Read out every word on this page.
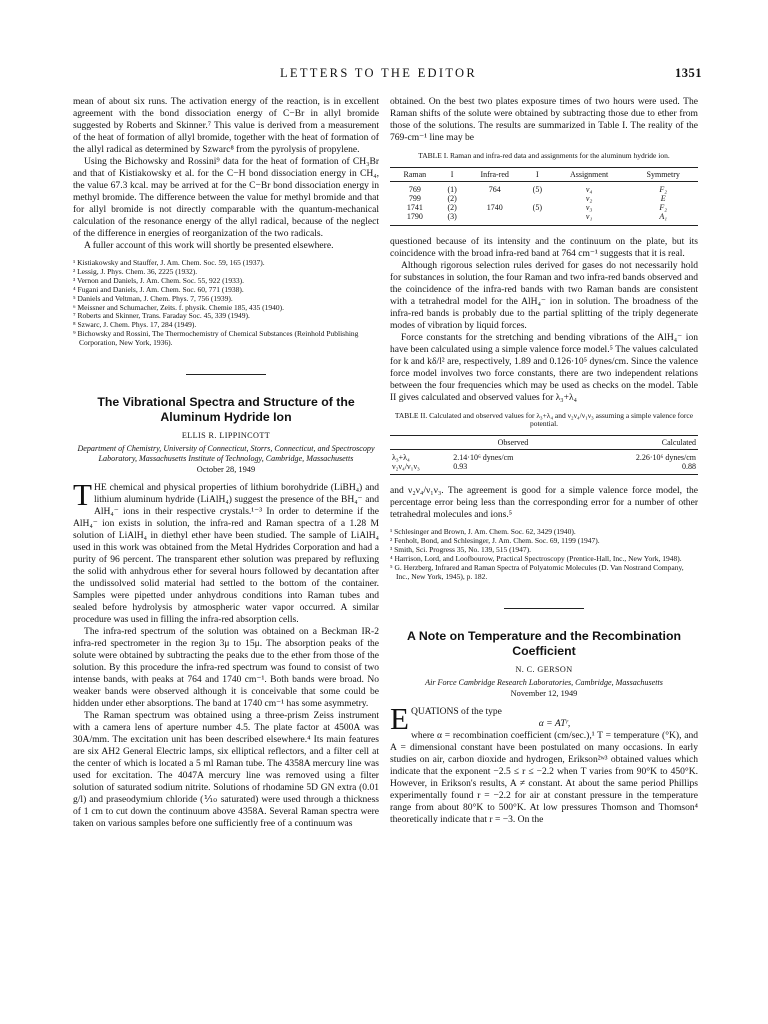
LETTERS TO THE EDITOR	1351

mean of about six runs. The activation energy of the reaction, is in excellent agreement with the bond dissociation energy of C−Br in allyl bromide suggested by Roberts and Skinner.⁷ This value is derived from a measurement of the heat of formation of allyl bromide, together with the heat of formation of the allyl radical as determined by Szwarc⁸ from the pyrolysis of propylene.

Using the Bichowsky and Rossini⁹ data for the heat of formation of CH₃Br and that of Kistiakowsky et al. for the C−H bond dissociation energy in CH₄, the value 67.3 kcal. may be arrived at for the C−Br bond dissociation energy in methyl bromide. The difference between the value for methyl bromide and that for allyl bromide is not directly comparable with the quantum-mechanical calculation of the resonance energy of the allyl radical, because of the neglect of the difference in energies of reorganization of the two radicals.

A fuller account of this work will shortly be presented elsewhere.

¹ Kistiakowsky and Stauffer, J. Am. Chem. Soc. 59, 165 (1937).
² Lessig, J. Phys. Chem. 36, 2225 (1932).
³ Vernon and Daniels, J. Am. Chem. Soc. 55, 922 (1933).
⁴ Fugani and Daniels, J. Am. Chem. Soc. 60, 771 (1938).
⁵ Daniels and Veltman, J. Chem. Phys. 7, 756 (1939).
⁶ Meissner and Schumacher, Zeits. f. physik. Chemie 185, 435 (1940).
⁷ Roberts and Skinner, Trans. Faraday Soc. 45, 339 (1949).
⁸ Szwarc, J. Chem. Phys. 17, 284 (1949).
⁹ Bichowsky and Rossini, The Thermochemistry of Chemical Substances (Reinhold Publishing Corporation, New York, 1936).
The Vibrational Spectra and Structure of the Aluminum Hydride Ion
ELLIS R. LIPPINCOTT
Department of Chemistry, University of Connecticut, Storrs, Connecticut, and Spectroscopy Laboratory, Massachusetts Institute of Technology, Cambridge, Massachusetts
October 28, 1949

THE chemical and physical properties of lithium borohydride (LiBH₄) and lithium aluminum hydride (LiAlH₄) suggest the presence of the BH₄⁻ and AlH₄⁻ ions in their respective crystals.¹⁻³ In order to determine if the AlH₄⁻ ion exists in solution, the infra-red and Raman spectra of a 1.28 M solution of LiAlH₄ in diethyl ether have been studied. The sample of LiAlH₄ used in this work was obtained from the Metal Hydrides Corporation and had a purity of 96 percent. The transparent ether solution was prepared by refluxing the solid with anhydrous ether for several hours followed by decantation after the undissolved solid material had settled to the bottom of the container. Samples were pipetted under anhydrous conditions into Raman tubes and sealed before hydrolysis by atmospheric water vapor occurred. A similar procedure was used in filling the infra-red absorption cells.

The infra-red spectrum of the solution was obtained on a Beckman IR-2 infra-red spectrometer in the region 3μ to 15μ. The absorption peaks of the solute were obtained by subtracting the peaks due to the ether from those of the solution. By this procedure the infra-red spectrum was found to consist of two intense bands, with peaks at 764 and 1740 cm⁻¹. Both bands were broad. No weaker bands were observed although it is conceivable that some could be hidden under ether absorptions. The band at 1740 cm⁻¹ has some asymmetry.

The Raman spectrum was obtained using a three-prism Zeiss instrument with a camera lens of aperture number 4.5. The plate factor at 4500A was 30A/mm. The excitation unit has been described elsewhere.⁴ Its main features are six AH2 General Electric lamps, six elliptical reflectors, and a filter cell at the center of which is located a 5 ml Raman tube. The 4358A mercury line was used for excitation. The 4047A mercury line was removed using a filter solution of saturated sodium nitrite. Solutions of rhodamine 5D GN extra (0.01 g/l) and praseodymium chloride (⅒ saturated) were used through a thickness of 1 cm to cut down the continuum above 4358A. Several Raman spectra were taken on various samples before one sufficiently free of a continuum was

obtained. On the best two plates exposure times of two hours were used. The Raman shifts of the solute were obtained by subtracting those due to ether from those of the solutions. The results are summarized in Table I. The reality of the 769-cm⁻¹ line may be

TABLE I. Raman and infra-red data and assignments for the aluminum hydride ion.
Raman	I	Infra-red	I	Assignment	Symmetry
769	(1)	764	(5)	ν₄	F₂
799	(2)			ν₂	E
1741	(2)	1740	(5)	ν₃	F₂
1790	(3)			ν₁	A₁

questioned because of its intensity and the continuum on the plate, but its coincidence with the broad infra-red band at 764 cm⁻¹ suggests that it is real.

Although rigorous selection rules derived for gases do not necessarily hold for substances in solution, the four Raman and two infra-red bands observed and the coincidence of the infra-red bands with two Raman bands are consistent with a tetrahedral model for the AlH₄⁻ ion in solution. The broadness of the infra-red bands is probably due to the partial splitting of the triply degenerate modes of vibration by liquid forces.

Force constants for the stretching and bending vibrations of the AlH₄⁻ ion have been calculated using a simple valence force model.⁵ The values calculated for k and kδ/l² are, respectively, 1.89 and 0.126·10⁵ dynes/cm. Since the valence force model involves two force constants, there are two independent relations between the four frequencies which may be used as checks on the model. Table II gives calculated and observed values for λ₃+λ₄

TABLE II. Calculated and observed values for λ₃+λ₄ and ν₂ν₄/ν₁ν₃ assuming a simple valence force potential.
	Observed	Calculated
λ₃+λ₄	2.14·10⁶ dynes/cm	2.26·10⁶ dynes/cm
ν₂ν₄/ν₁ν₃	0.93	0.88

and ν₂ν₄/ν₁ν₃. The agreement is good for a simple valence force model, the percentage error being less than the corresponding error for a number of other tetrahedral molecules and ions.⁵

¹ Schlesinger and Brown, J. Am. Chem. Soc. 62, 3429 (1940).
² Fenholt, Bond, and Schlesinger, J. Am. Chem. Soc. 69, 1199 (1947).
³ Smith, Sci. Progress 35, No. 139, 515 (1947).
⁴ Harrison, Lord, and Loofbourow, Practical Spectroscopy (Prentice-Hall, Inc., New York, 1948).
⁵ G. Herzberg, Infrared and Raman Spectra of Polyatomic Molecules (D. Van Nostrand Company, Inc., New York, 1945), p. 182.
A Note on Temperature and the Recombination Coefficient
N. C. GERSON
Air Force Cambridge Research Laboratories, Cambridge, Massachusetts
November 12, 1949

EQUATIONS of the type

α = ATʳ,

where α = recombination coefficient (cm/sec.),¹ T = temperature (°K), and A = dimensional constant have been postulated on many occasions. In early studies on air, carbon dioxide and hydrogen, Erikson²ʷ³ obtained values which indicate that the exponent −2.5 ≤ r ≤ −2.2 when T varies from 90°K to 450°K. However, in Erikson's results, A ≠ constant. At about the same period Phillips experimentally found r = −2.2 for air at constant pressure in the temperature range from about 80°K to 500°K. At low pressures Thomson and Thomson⁴ theoretically indicate that r = −3. On the
